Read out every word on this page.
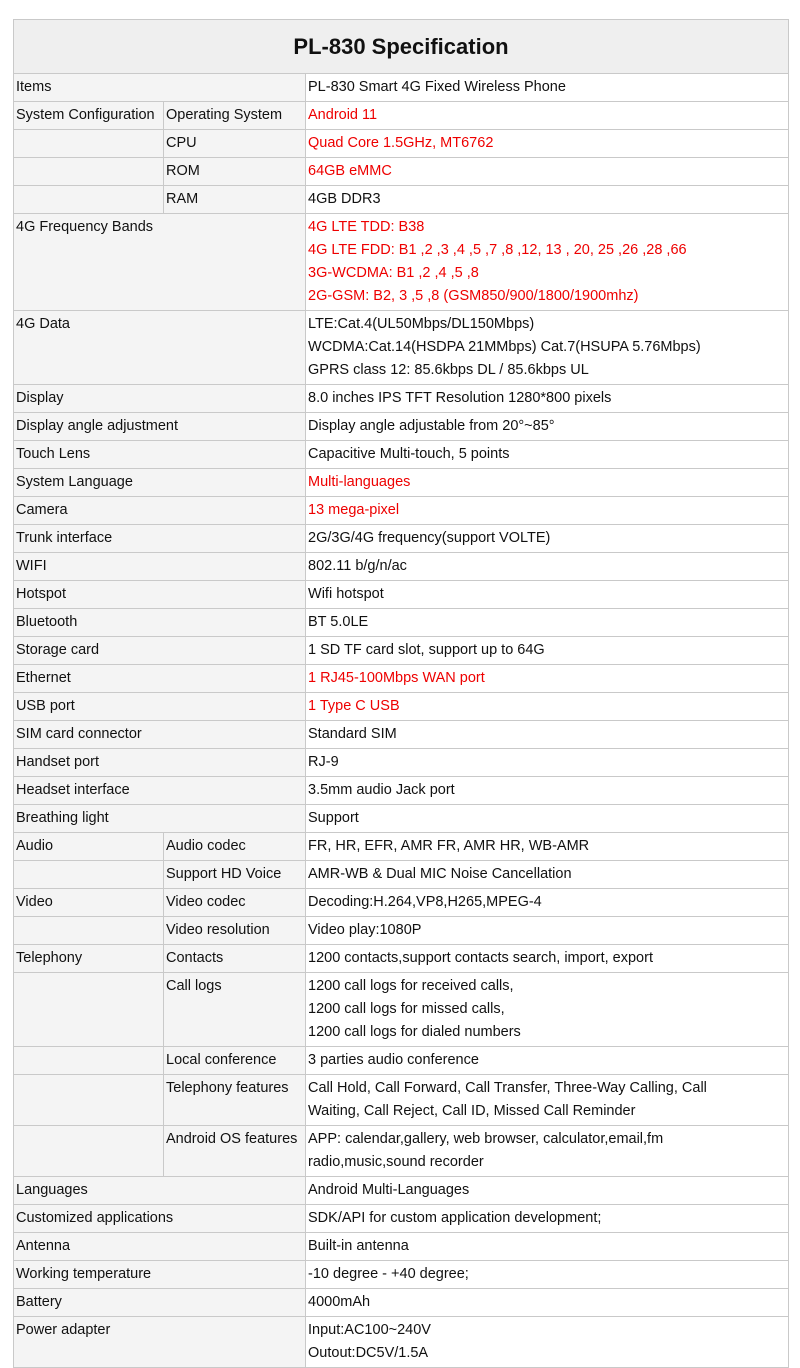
PL-830 Specification
Items		PL-830 Smart 4G Fixed Wireless Phone

System Configuration	Operating System	Android 11

	CPU	Quad Core 1.5GHz, MT6762

	ROM	64GB eMMC

	RAM	4GB DDR3

4G Frequency Bands		4G LTE TDD: B38
4G LTE FDD: B1 ,2 ,3 ,4 ,5 ,7 ,8 ,12, 13 , 20, 25 ,26 ,28 ,66
3G-WCDMA: B1 ,2 ,4 ,5 ,8
2G-GSM: B2, 3 ,5 ,8 (GSM850/900/1800/1900mhz)

4G Data		LTE:Cat.4(UL50Mbps/DL150Mbps)
WCDMA:Cat.14(HSDPA 21MMbps) Cat.7(HSUPA 5.76Mbps)
GPRS class 12: 85.6kbps DL / 85.6kbps UL

Display		8.0 inches IPS TFT Resolution 1280*800 pixels

Display angle adjustment		Display angle adjustable from 20°~85°

Touch Lens		Capacitive Multi-touch, 5 points

System Language		Multi-languages

Camera		13 mega-pixel

Trunk interface		2G/3G/4G frequency(support VOLTE)

WIFI		802.11 b/g/n/ac

Hotspot		Wifi hotspot

Bluetooth		BT 5.0LE

Storage card		1 SD TF card slot, support up to 64G

Ethernet		1 RJ45-100Mbps WAN port

USB port		1 Type C USB

SIM card connector		Standard SIM

Handset port		RJ-9

Headset interface		3.5mm audio Jack port

Breathing light		Support

Audio	Audio codec	FR, HR, EFR, AMR FR, AMR HR, WB-AMR

	Support HD Voice	AMR-WB & Dual MIC Noise Cancellation

Video	Video codec	Decoding:H.264,VP8,H265,MPEG-4

	Video resolution	Video play:1080P

Telephony	Contacts	1200 contacts,support contacts search, import, export

	Call logs	1200 call logs for received calls,
1200 call logs for missed calls,
1200 call logs for dialed numbers

	Local conference	3 parties audio conference

	Telephony features	Call Hold, Call Forward, Call Transfer, Three-Way Calling, Call
Waiting, Call Reject, Call ID, Missed Call Reminder

	Android OS features	APP: calendar,gallery, web browser, calculator,email,fm
radio,music,sound recorder

Languages		Android Multi-Languages

Customized applications		SDK/API for custom application development;

Antenna		Built-in antenna

Working temperature		-10 degree - +40 degree;

Battery		4000mAh

Power adapter		Input:AC100~240V
Outout:DC5V/1.5A
